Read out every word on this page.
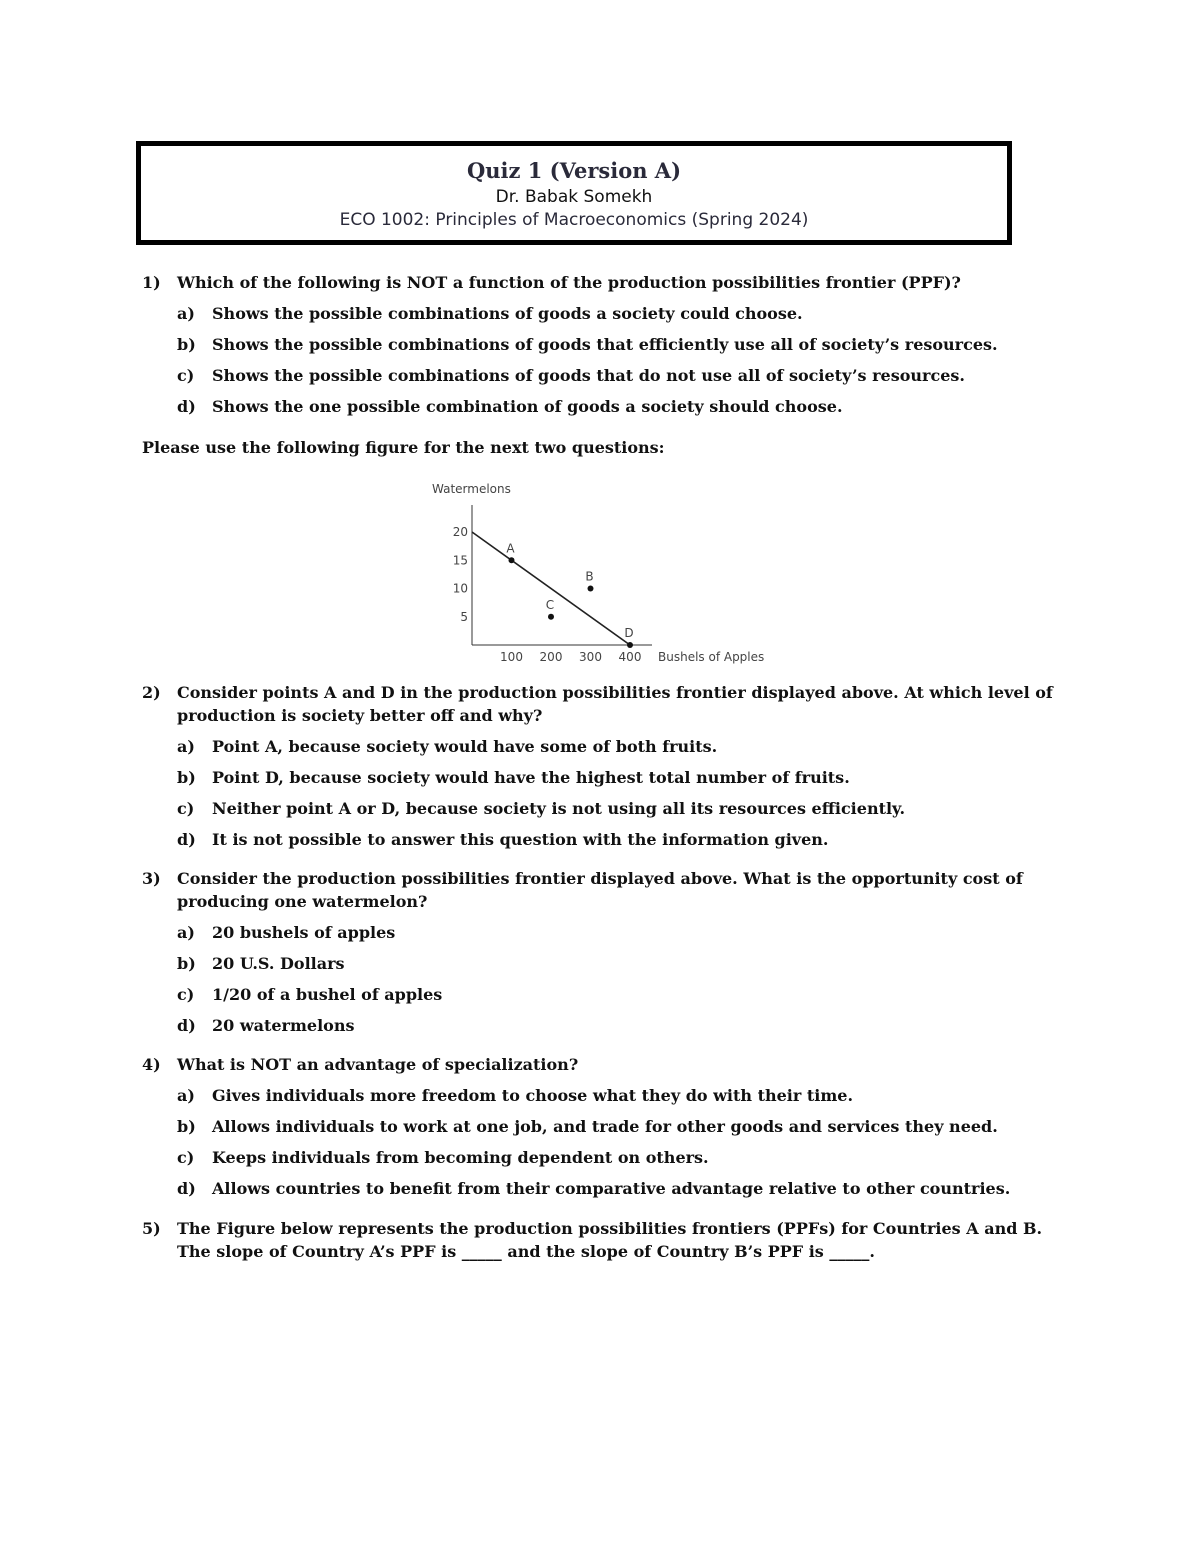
Quiz 1 (Version A)
Dr. Babak Somekh
ECO 1002: Principles of Macroeconomics (Spring 2024)
1)	Which of the following is NOT a function of the production possibilities frontier (PPF)?
a)	Shows the possible combinations of goods a society could choose.
b)	Shows the possible combinations of goods that efficiently use all of society’s resources.
c)	Shows the possible combinations of goods that do not use all of society’s resources.
d)	Shows the one possible combination of goods a society should choose.
Please use the following figure for the next two questions:
Watermelons
Bushels of Apples
20
15
10
5
100 200 300 400
A
B
C
D
2)	Consider points A and D in the production possibilities frontier displayed above. At which level of production is society better off and why?
a)	Point A, because society would have some of both fruits.
b)	Point D, because society would have the highest total number of fruits.
c)	Neither point A or D, because society is not using all its resources efficiently.
d)	It is not possible to answer this question with the information given.
3)	Consider the production possibilities frontier displayed above. What is the opportunity cost of producing one watermelon?
a)	20 bushels of apples
b)	20 U.S. Dollars
c)	1/20 of a bushel of apples
d)	20 watermelons
4)	What is NOT an advantage of specialization?
a)	Gives individuals more freedom to choose what they do with their time.
b)	Allows individuals to work at one job, and trade for other goods and services they need.
c)	Keeps individuals from becoming dependent on others.
d)	Allows countries to benefit from their comparative advantage relative to other countries.
5)	The Figure below represents the production possibilities frontiers (PPFs) for Countries A and B. The slope of Country A’s PPF is _____ and the slope of Country B’s PPF is _____.
